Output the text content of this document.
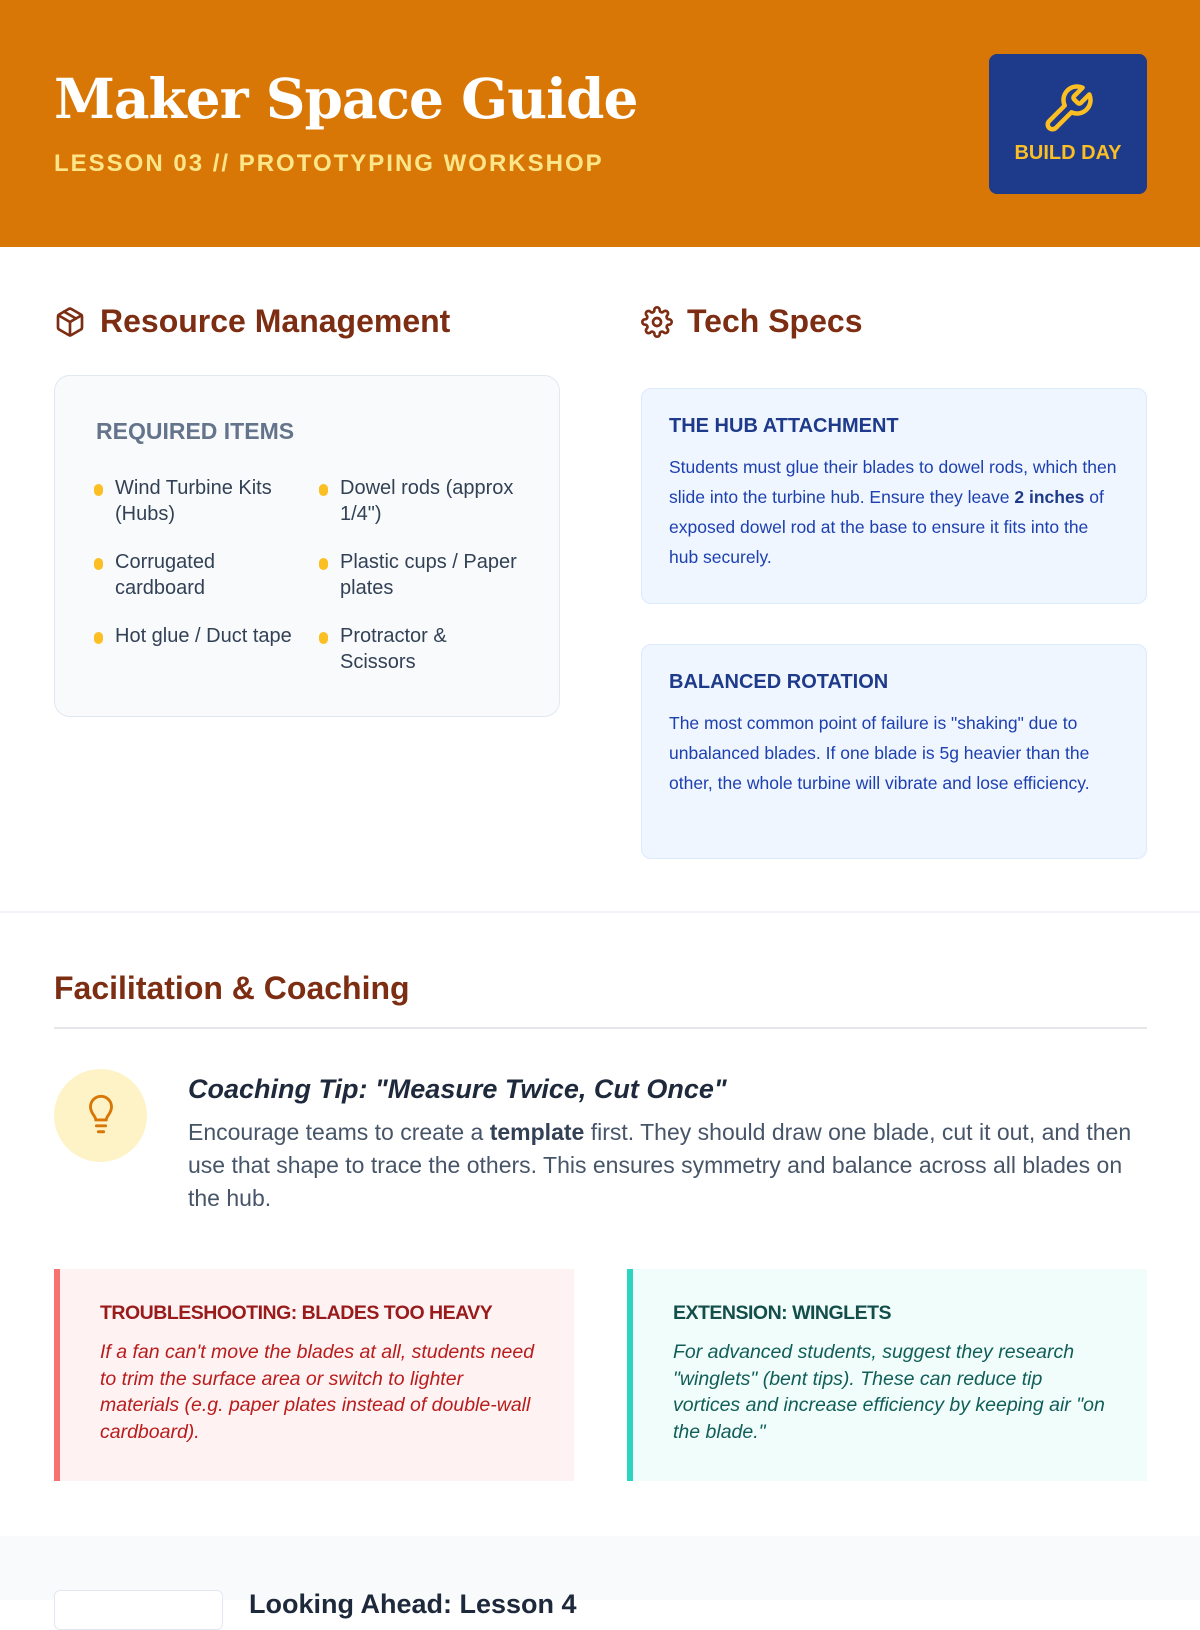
Maker Space Guide
LESSON 03 // PROTOTYPING WORKSHOP	BUILD DAY
Resource Management
REQUIRED ITEMS
Wind Turbine Kits (Hubs)
Dowel rods (approx 1/4")
Corrugated cardboard
Plastic cups / Paper plates
Hot glue / Duct tape Protractor & Scissors
Tech Specs
THE HUB ATTACHMENT

Students must glue their blades to dowel rods, which then slide into the turbine hub. Ensure they leave 2 inches of exposed dowel rod at the base to ensure it fits into the hub securely.

BALANCED ROTATION

The most common point of failure is "shaking" due to unbalanced blades. If one blade is 5g heavier than the other, the whole turbine will vibrate and lose efficiency.

Facilitation & Coaching
Coaching Tip: "Measure Twice, Cut Once"

Encourage teams to create a template first. They should draw one blade, cut it out, and then use that shape to trace the others. This ensures symmetry and balance across all blades on the hub.

TROUBLESHOOTING: BLADES TOO HEAVY

If a fan can't move the blades at all, students need to trim the surface area or switch to lighter materials (e.g. paper plates instead of double-wall cardboard).

EXTENSION: WINGLETS

For advanced students, suggest they research "winglets" (bent tips). These can reduce tip vortices and increase efficiency by keeping air "on the blade."

Looking Ahead: Lesson 4
